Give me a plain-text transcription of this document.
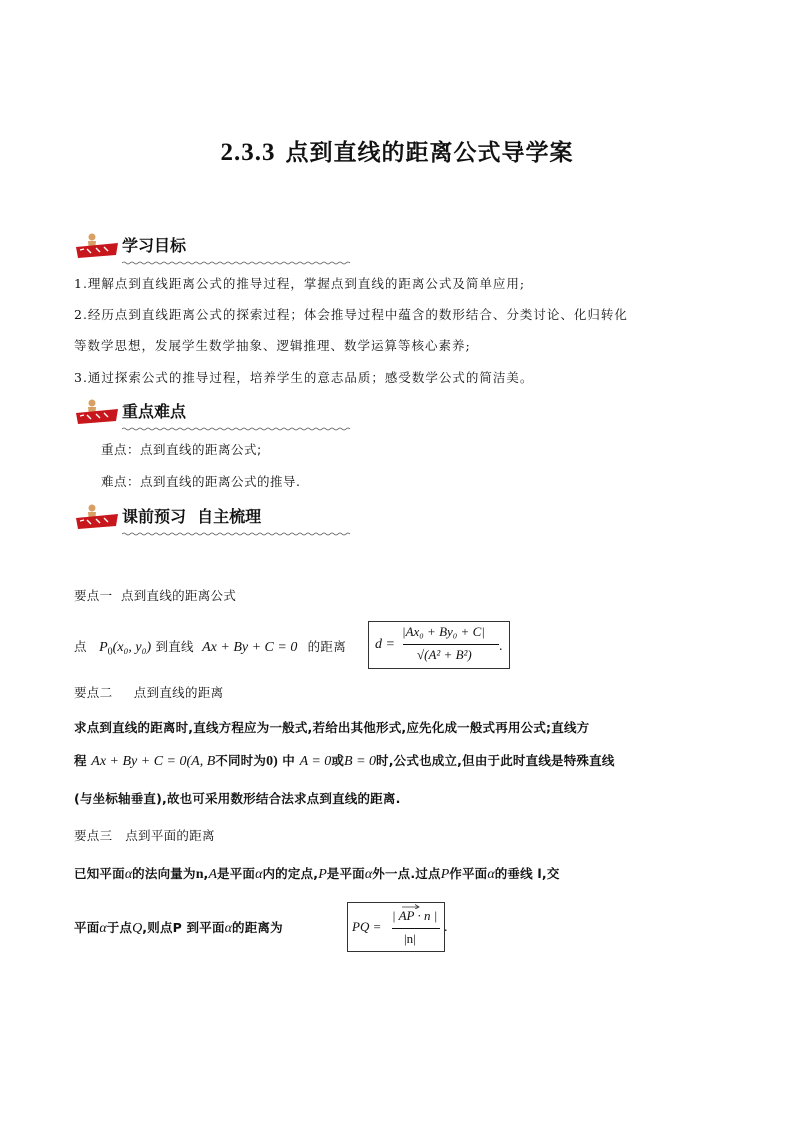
2.3.3 点到直线的距离公式导学案
学习目标
1.理解点到直线距离公式的推导过程，掌握点到直线的距离公式及简单应用;
2.经历点到直线距离公式的探索过程；体会推导过程中蕴含的数形结合、分类讨论、化归转化
等数学思想，发展学生数学抽象、逻辑推理、数学运算等核心素养;
3.通过探索公式的推导过程，培养学生的意志品质；感受数学公式的简洁美。
重点难点
重点：点到直线的距离公式;
难点：点到直线的距离公式的推导.
课前预习  自主梳理
要点一  点到直线的距离公式
点 $P_0(x_0$, y₀) 到直线 Ax + By + C = 0 的距离 d =
|Ax₀ + By₀ + C|
√(A² + B²)
.
要点二     点到直线的距离
求点到直线的距离时,直线方程应为一般式,若给出其他形式,应先化成一般式再用公式;直线方
程 Ax + By + C = 0(A, B不同时为0) 中 A = 0或B = 0时,公式也成立,但由于此时直线是特殊直线
(与坐标轴垂直),故也可采用数形结合法求点到直线的距离.
要点三   点到平面的距离
已知平面α的法向量为n,A是平面α内的定点,P是平面α外一点.过点P作平面α的垂线 l,交
平面α于点Q,则点P 到平面α的距离为	PQ =
| AP · n |
|n|
.
